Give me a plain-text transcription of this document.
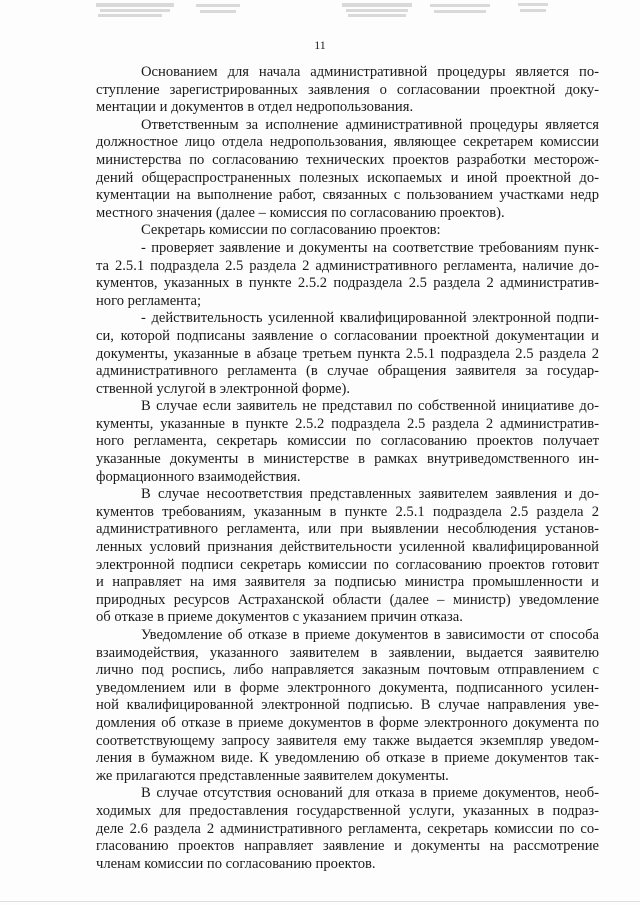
11
Основанием для начала административной процедуры является по-
ступление зарегистрированных заявления о согласовании проектной доку-
ментации и документов в отдел недропользования.
Ответственным за исполнение административной процедуры является
должностное лицо отдела недропользования, являющее секретарем комиссии
министерства по согласованию технических проектов разработки месторож-
дений общераспространенных полезных ископаемых и иной проектной до-
кументации на выполнение работ, связанных с пользованием участками недр
местного значения (далее – комиссия по согласованию проектов).
Секретарь комиссии по согласованию проектов:
- проверяет заявление и документы на соответствие требованиям пунк-
та 2.5.1 подраздела 2.5 раздела 2 административного регламента, наличие до-
кументов, указанных в пункте 2.5.2 подраздела 2.5 раздела 2 административ-
ного регламента;
- действительность усиленной квалифицированной электронной подпи-
си, которой подписаны заявление о согласовании проектной документации и
документы, указанные в абзаце третьем пункта 2.5.1 подраздела 2.5 раздела 2
административного регламента (в случае обращения заявителя за государ-
ственной услугой в электронной форме).
В случае если заявитель не представил по собственной инициативе до-
кументы, указанные в пункте 2.5.2 подраздела 2.5 раздела 2 административ-
ного регламента, секретарь комиссии по согласованию проектов получает
указанные документы в министерстве в рамках внутриведомственного ин-
формационного взаимодействия.
В случае несоответствия представленных заявителем заявления и до-
кументов требованиям, указанным в пункте 2.5.1 подраздела 2.5 раздела 2
административного регламента, или при выявлении несоблюдения установ-
ленных условий признания действительности усиленной квалифицированной
электронной подписи секретарь комиссии по согласованию проектов готовит
и направляет на имя заявителя за подписью министра промышленности и
природных ресурсов Астраханской области (далее – министр) уведомление
об отказе в приеме документов с указанием причин отказа.
Уведомление об отказе в приеме документов в зависимости от способа
взаимодействия, указанного заявителем в заявлении, выдается заявителю
лично под роспись, либо направляется заказным почтовым отправлением с
уведомлением или в форме электронного документа, подписанного усилен-
ной квалифицированной электронной подписью. В случае направления уве-
домления об отказе в приеме документов в форме электронного документа по
соответствующему запросу заявителя ему также выдается экземпляр уведом-
ления в бумажном виде. К уведомлению об отказе в приеме документов так-
же прилагаются представленные заявителем документы.
В случае отсутствия оснований для отказа в приеме документов, необ-
ходимых для предоставления государственной услуги, указанных в подраз-
деле 2.6 раздела 2 административного регламента, секретарь комиссии по со-
гласованию проектов направляет заявление и документы на рассмотрение
членам комиссии по согласованию проектов.
